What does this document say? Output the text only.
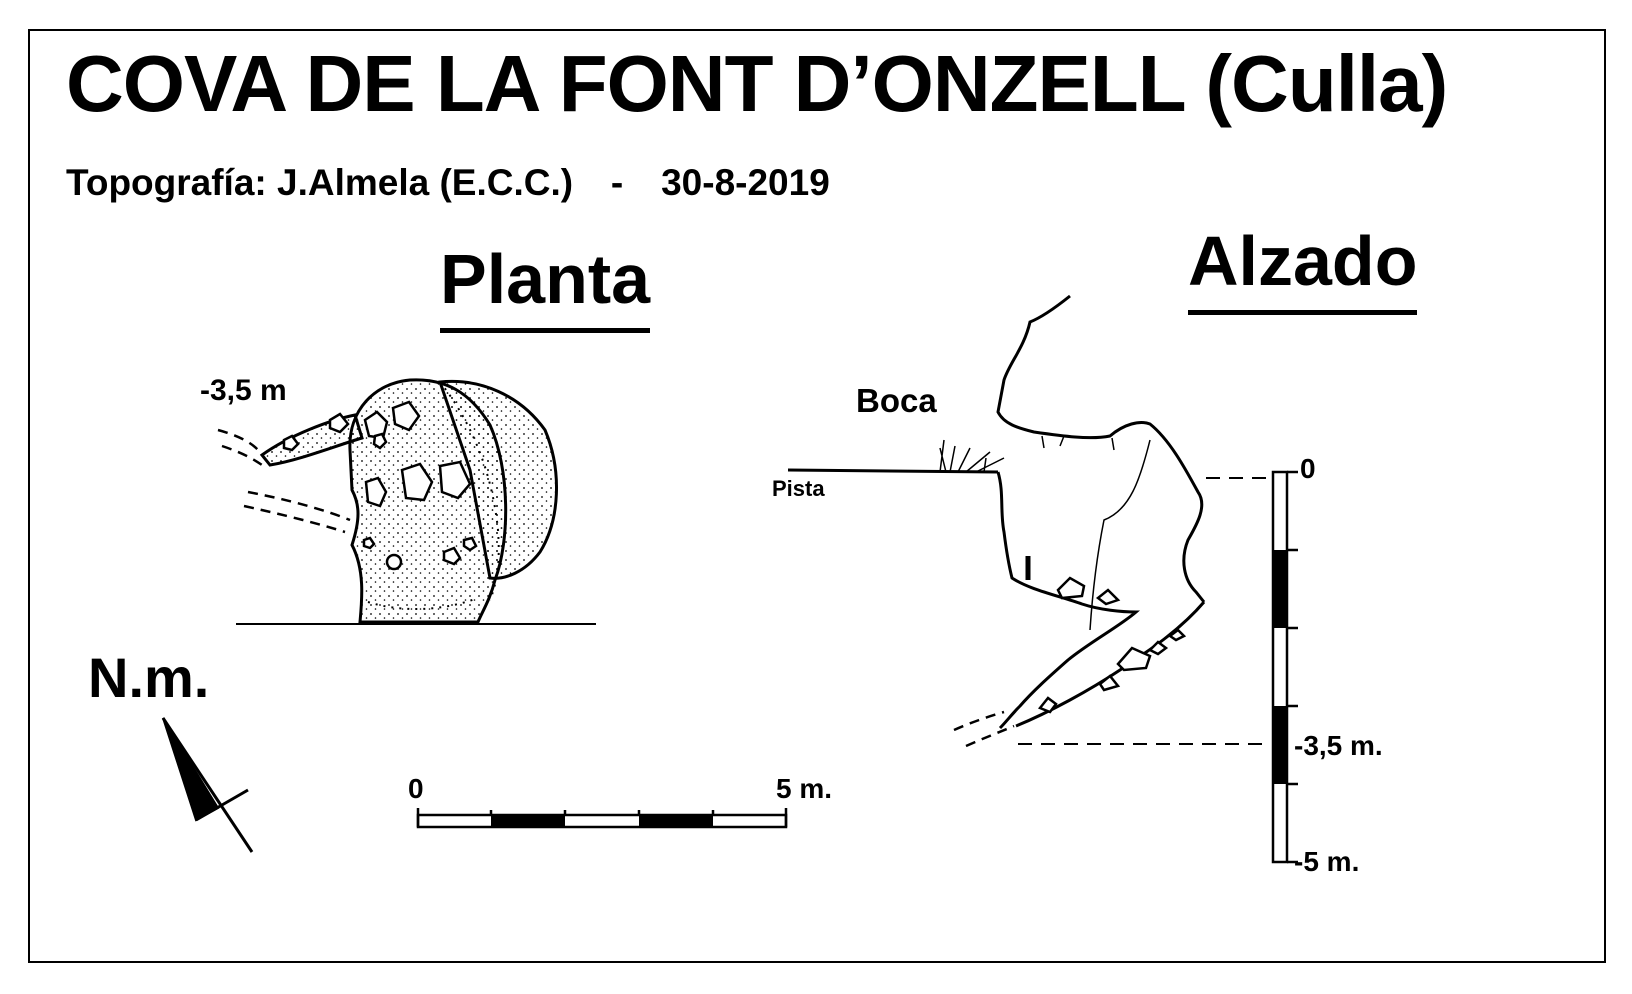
COVA DE LA FONT D’ONZELL (Culla)
Topografía: J.Almela (E.C.C.) - 30-8-2019
Planta	Alzado
-3,5 m
N.m.
Boca
Pista
0	5 m.
0
-3,5 m.
-5 m.
